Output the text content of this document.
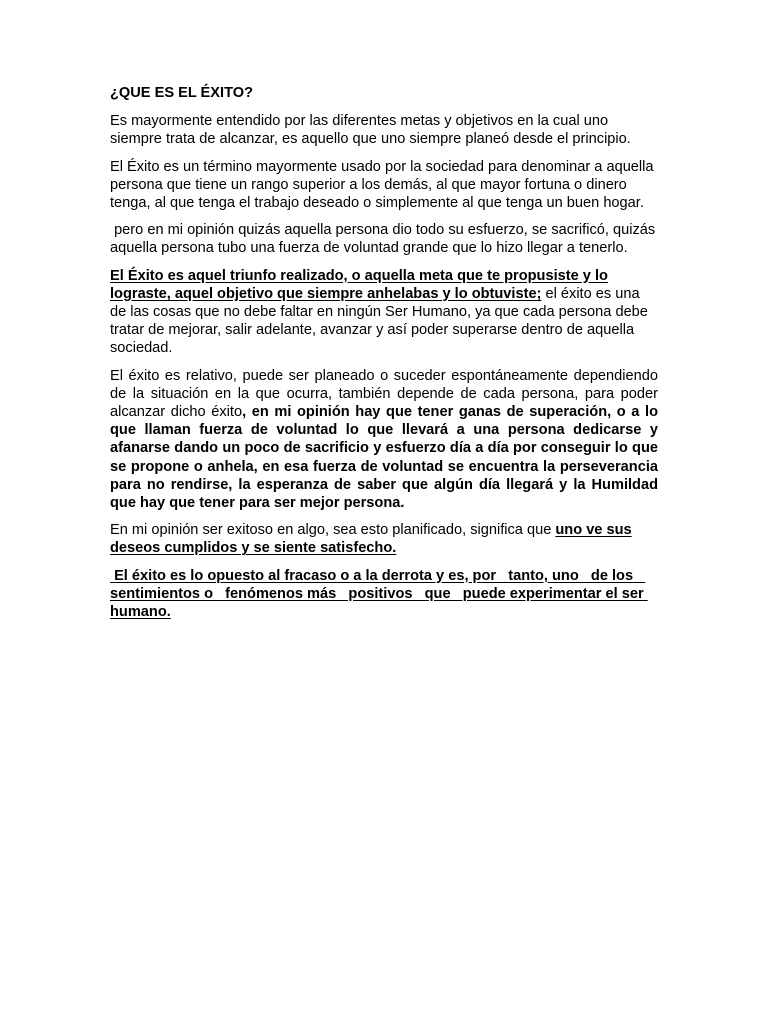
¿QUE ES EL ÉXITO?

Es mayormente entendido por las diferentes metas y objetivos en la cual uno siempre trata de alcanzar, es aquello que uno siempre planeó desde el principio.

El Éxito es un término mayormente usado por la sociedad para denominar a aquella persona que tiene un rango superior a los demás, al que mayor fortuna o dinero tenga, al que tenga el trabajo deseado o simplemente al que tenga un buen hogar.

pero en mi opinión quizás aquella persona dio todo su esfuerzo, se sacrificó, quizás aquella persona tubo una fuerza de voluntad grande que lo hizo llegar a tenerlo.

El Éxito es aquel triunfo realizado, o aquella meta que te propusiste y lo lograste, aquel objetivo que siempre anhelabas y lo obtuviste; el éxito es una de las cosas que no debe faltar en ningún Ser Humano, ya que cada persona debe tratar de mejorar, salir adelante, avanzar y así poder superarse dentro de aquella sociedad.

El éxito es relativo, puede ser planeado o suceder espontáneamente dependiendo de la situación en la que ocurra, también depende de cada persona, para poder alcanzar dicho éxito, en mi opinión hay que tener ganas de superación, o a lo que llaman fuerza de voluntad lo que llevará a una persona dedicarse y afanarse dando un poco de sacrificio y esfuerzo día a día por conseguir lo que se propone o anhela, en esa fuerza de voluntad se encuentra la perseverancia para no rendirse, la esperanza de saber que algún día llegará y la Humildad que hay que tener para ser mejor persona.

En mi opinión ser exitoso en algo, sea esto planificado, significa que uno ve sus deseos cumplidos y se siente satisfecho.

El éxito es lo opuesto al fracaso o a la derrota y es, por   tanto, uno   de los   sentimientos o   fenómenos más   positivos   que   puede experimentar el ser humano.
